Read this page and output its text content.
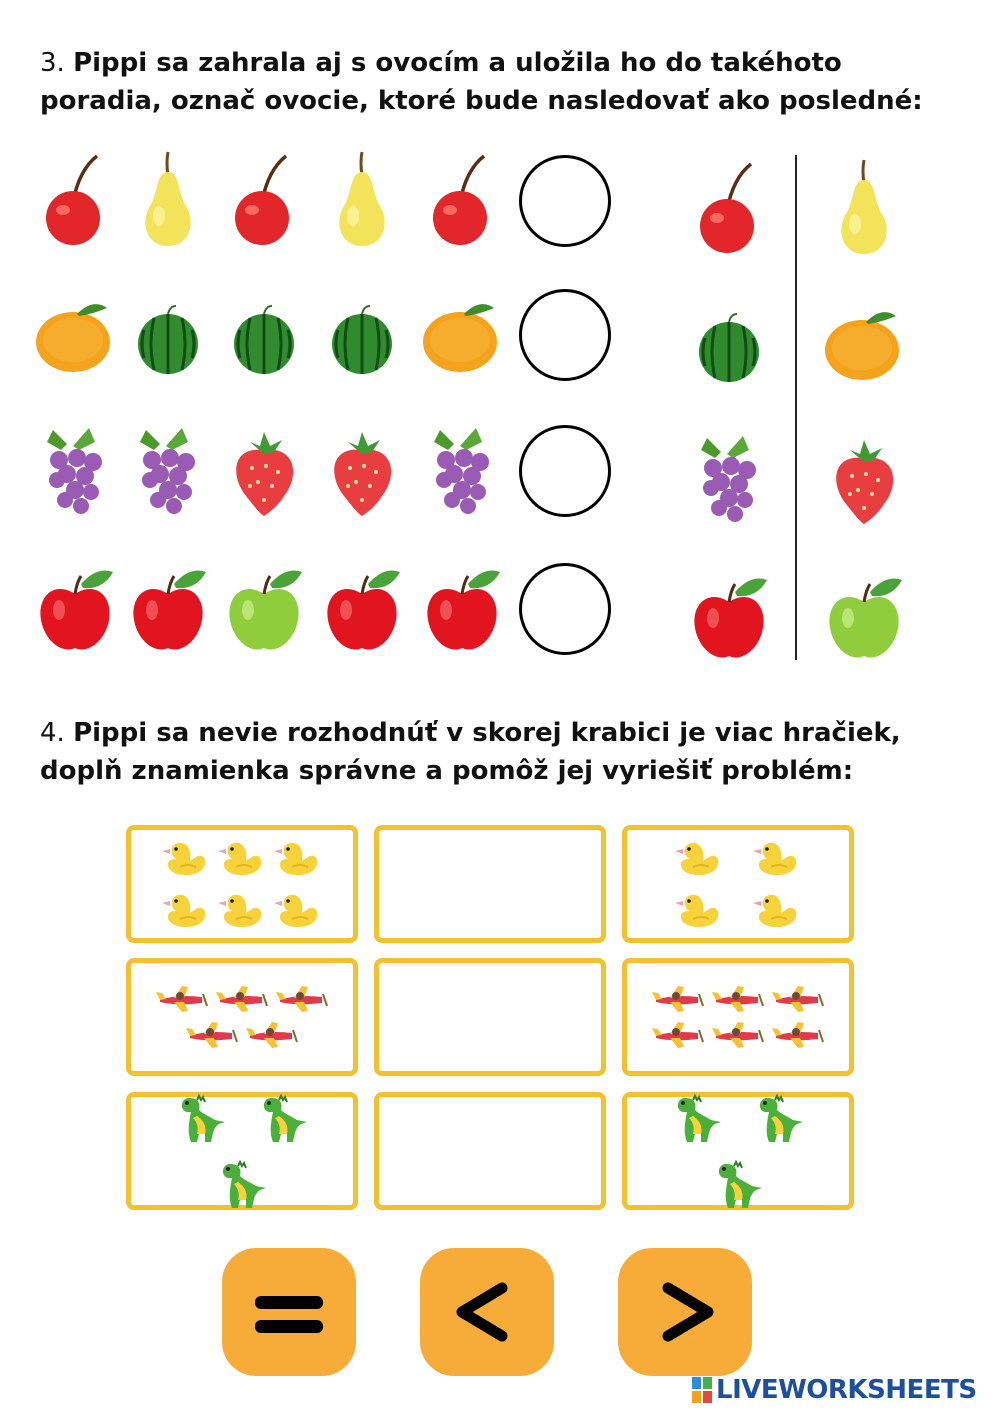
3. Pippi sa zahrala aj s ovocím a uložila ho do takéhoto poradia, označ ovocie, ktoré bude nasledovať ako posledné:
4. Pippi sa nevie rozhodnúť v skorej krabici je viac hračiek, doplň znamienka správne a pomôž jej vyriešiť problém:
LIVEWORKSHEETS
